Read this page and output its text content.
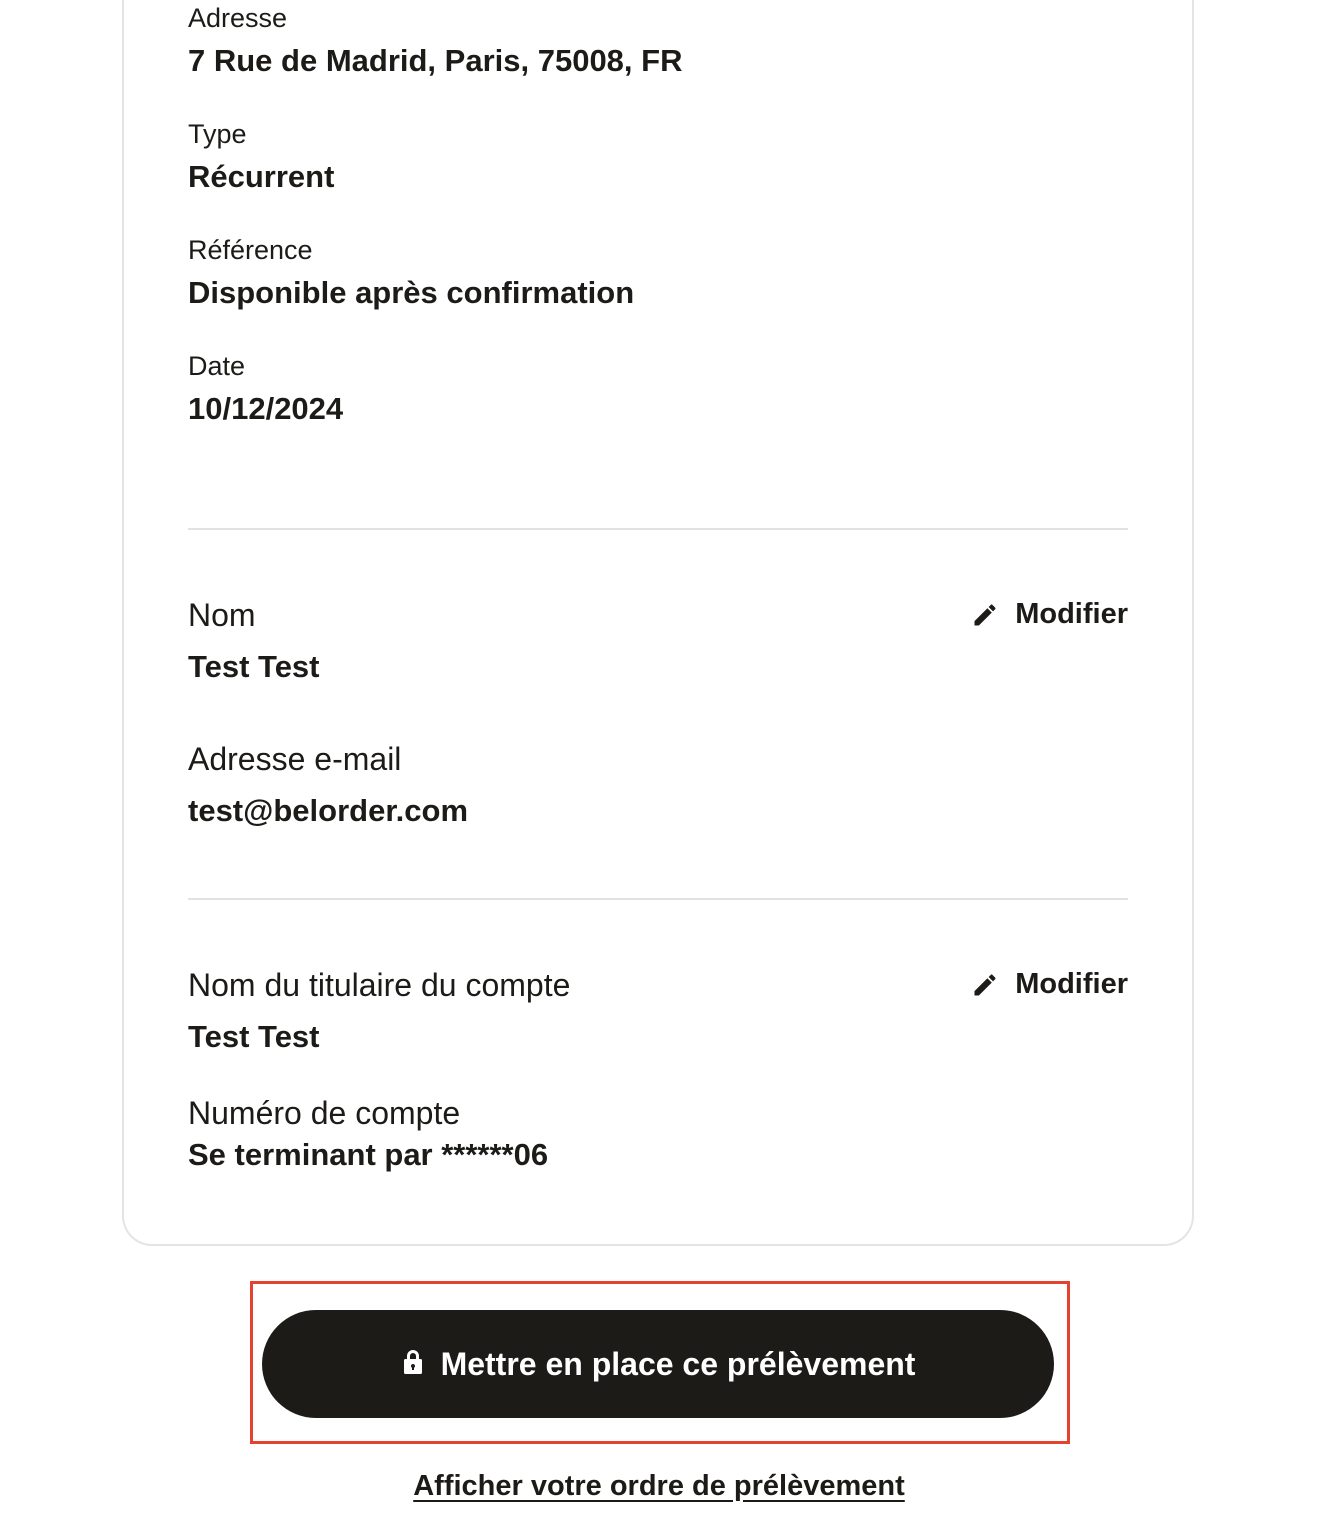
Adresse
7 Rue de Madrid, Paris, 75008, FR
Type
Récurrent
Référence
Disponible après confirmation
Date
10/12/2024
Nom
Test Test
Modifier
Adresse e-mail
test@belorder.com
Nom du titulaire du compte
Test Test
Modifier
Numéro de compte
Se terminant par ******06
Mettre en place ce prélèvement
Afficher votre ordre de prélèvement
